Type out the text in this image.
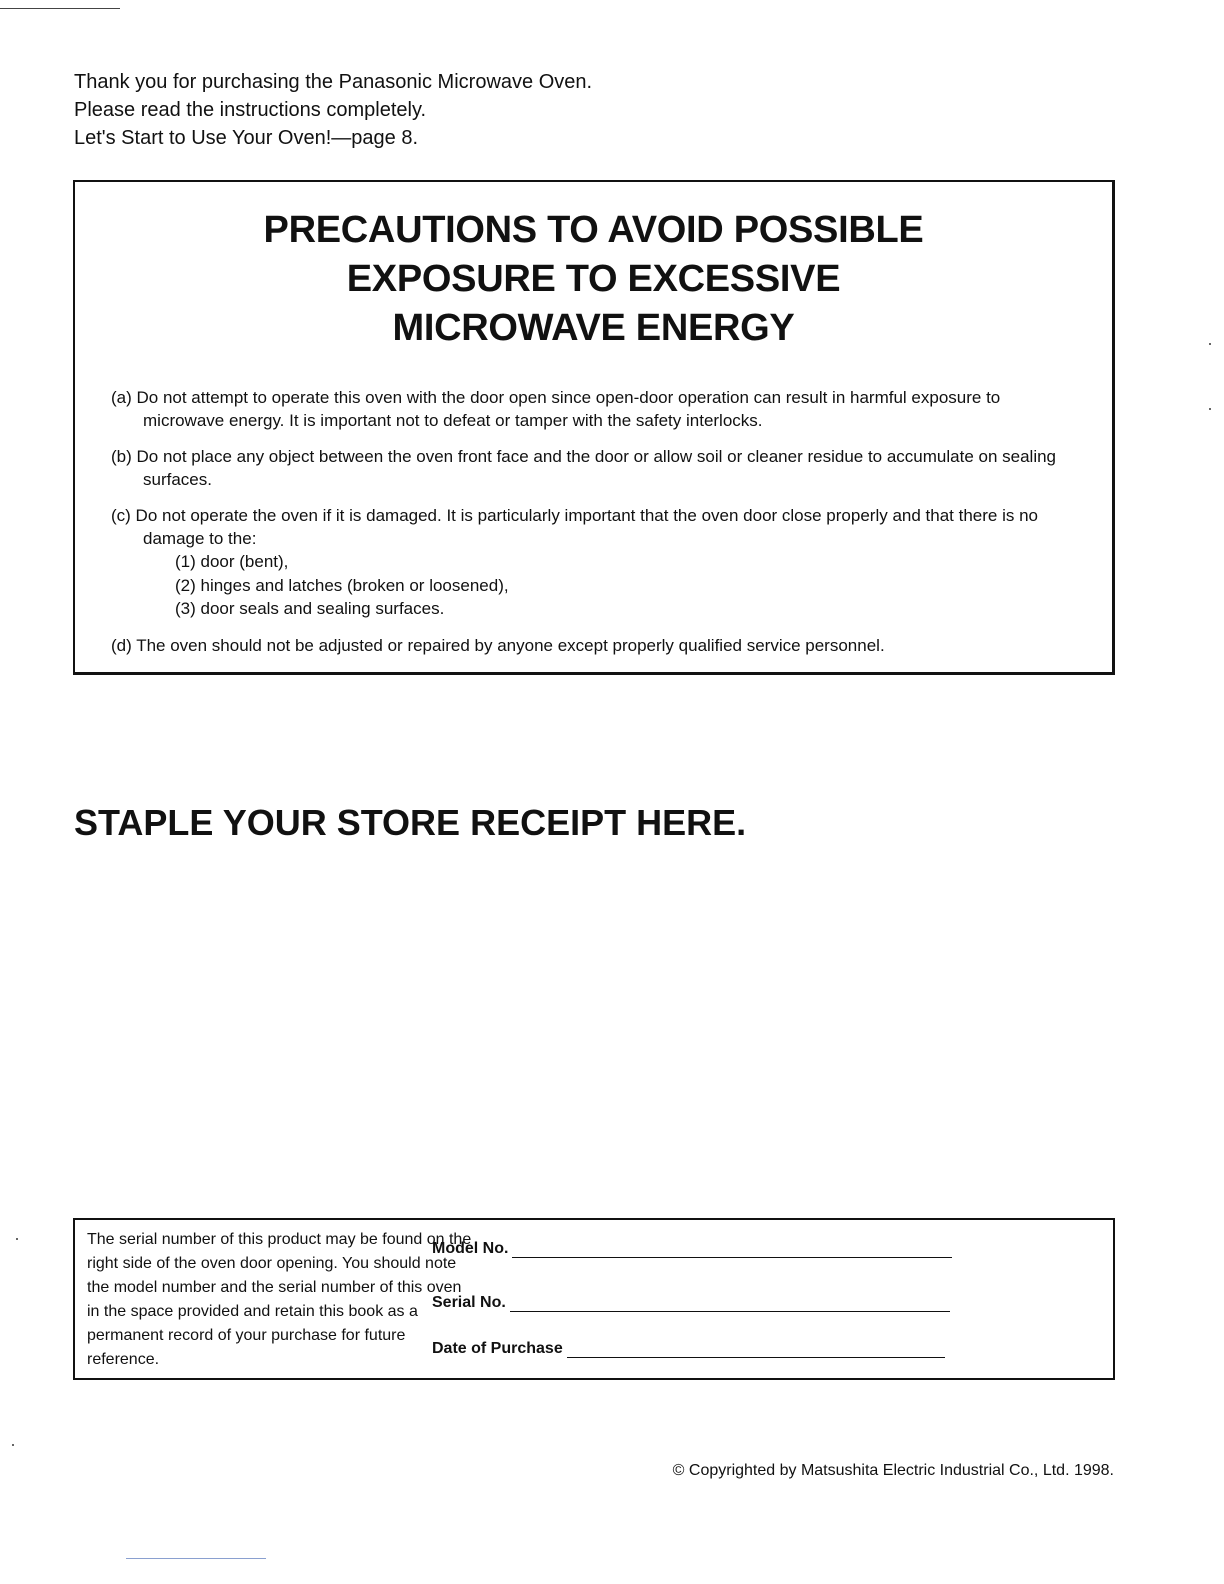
Thank you for purchasing the Panasonic Microwave Oven.
Please read the instructions completely.
Let's Start to Use Your Oven!—page 8.
PRECAUTIONS TO AVOID POSSIBLE
EXPOSURE TO EXCESSIVE
MICROWAVE ENERGY
(a) Do not attempt to operate this oven with the door open since open-door operation can result in harmful exposure to microwave energy. It is important not to defeat or tamper with the safety interlocks.
(b) Do not place any object between the oven front face and the door or allow soil or cleaner residue to accumulate on sealing surfaces.
(c) Do not operate the oven if it is damaged. It is particularly important that the oven door close properly and that there is no damage to the:
(1) door (bent),
(2) hinges and latches (broken or loosened),
(3) door seals and sealing surfaces.
(d) The oven should not be adjusted or repaired by anyone except properly qualified service personnel.
STAPLE YOUR STORE RECEIPT HERE.
The serial number of this product may be found on the right side of the oven door opening. You should note the model number and the serial number of this oven in the space provided and retain this book as a permanent record of your purchase for future reference.
Model No.
Serial No.
Date of Purchase
© Copyrighted by Matsushita Electric Industrial Co., Ltd. 1998.
